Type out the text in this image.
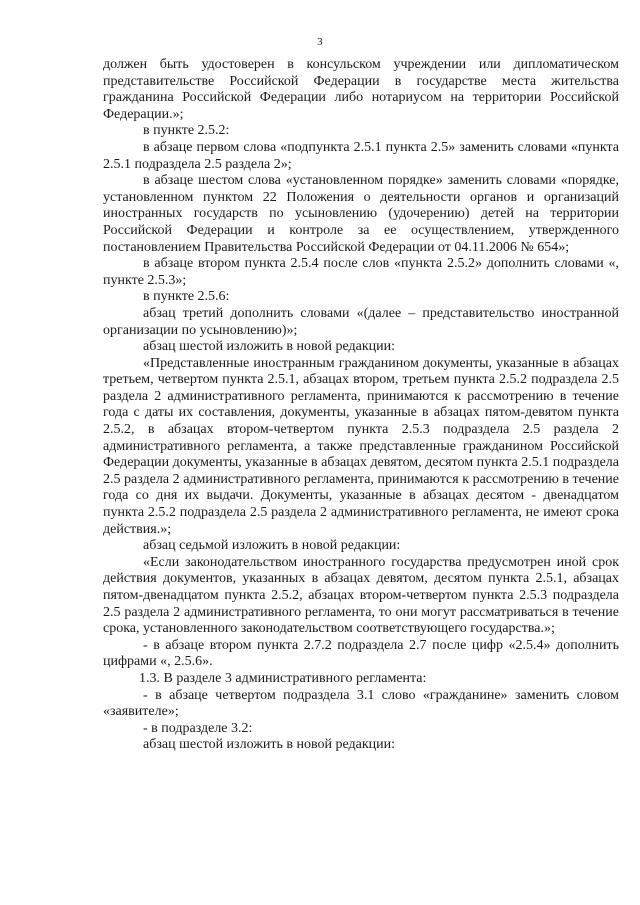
3

должен быть удостоверен в консульском учреждении или дипломатическом представительстве Российской Федерации в государстве места жительства гражданина Российской Федерации либо нотариусом на территории Российской Федерации.»;

в пункте 2.5.2:

в абзаце первом слова «подпункта 2.5.1 пункта 2.5» заменить словами «пункта 2.5.1 подраздела 2.5 раздела 2»;

в абзаце шестом слова «установленном порядке» заменить словами «порядке, установленном пунктом 22 Положения о деятельности органов и организаций иностранных государств по усыновлению (удочерению) детей на территории Российской Федерации и контроле за ее осуществлением, утвержденного постановлением Правительства Российской Федерации от 04.11.2006 № 654»;

в абзаце втором пункта 2.5.4 после слов «пункта 2.5.2» дополнить словами «, пункте 2.5.3»;

в пункте 2.5.6:

абзац третий дополнить словами «(далее – представительство иностранной организации по усыновлению)»;

абзац шестой изложить в новой редакции:

«Представленные иностранным гражданином документы, указанные в абзацах третьем, четвертом пункта 2.5.1, абзацах втором, третьем пункта 2.5.2 подраздела 2.5 раздела 2 административного регламента, принимаются к рассмотрению в течение года с даты их составления, документы, указанные в абзацах пятом-девятом пункта 2.5.2, в абзацах втором-четвертом пункта 2.5.3 подраздела 2.5 раздела 2 административного регламента, а также представленные гражданином Российской Федерации документы, указанные в абзацах девятом, десятом пункта 2.5.1 подраздела 2.5 раздела 2 административного регламента, принимаются к рассмотрению в течение года со дня их выдачи. Документы, указанные в абзацах десятом - двенадцатом пункта 2.5.2 подраздела 2.5 раздела 2 административного регламента, не имеют срока действия.»;

абзац седьмой изложить в новой редакции:

«Если законодательством иностранного государства предусмотрен иной срок действия документов, указанных в абзацах девятом, десятом пункта 2.5.1, абзацах пятом-двенадцатом пункта 2.5.2, абзацах втором-четвертом пункта 2.5.3 подраздела 2.5 раздела 2 административного регламента, то они могут рассматриваться в течение срока, установленного законодательством соответствующего государства.»;

- в абзаце втором пункта 2.7.2 подраздела 2.7 после цифр «2.5.4» дополнить цифрами «, 2.5.6».

1.3. В разделе 3 административного регламента:

- в абзаце четвертом подраздела 3.1 слово «гражданине» заменить словом «заявителе»;

- в подразделе 3.2:

абзац шестой изложить в новой редакции:
